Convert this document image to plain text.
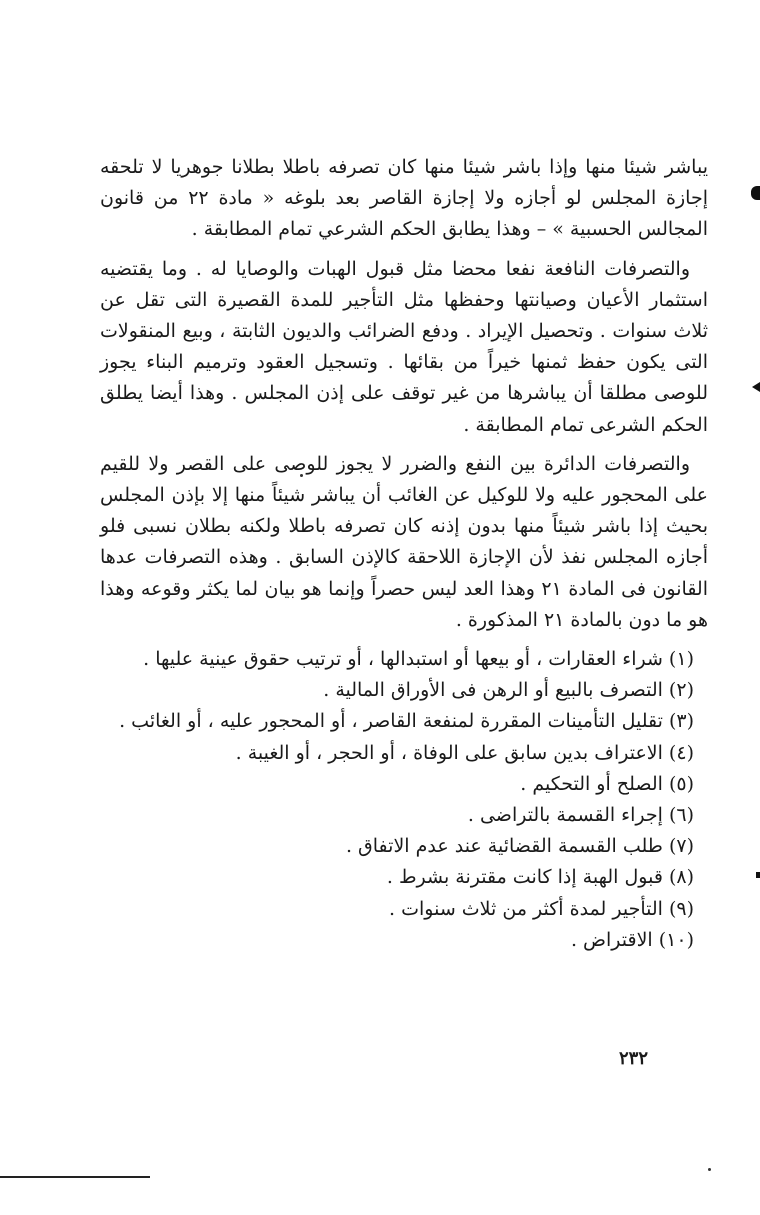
يباشر شيئا منها وإذا باشر شيئا منها كان تصرفه باطلا بطلانا جوهريا لا تلحقه إجازة المجلس لو أجازه ولا إجازة القاصر بعد بلوغه « مادة ٢٢ من قانون المجالس الحسبية » – وهذا يطابق الحكم الشرعي تمام المطابقة .

والتصرفات النافعة نفعا محضا مثل قبول الهبات والوصايا له . وما يقتضيه استثمار الأعيان وصيانتها وحفظها مثل التأجير للمدة القصيرة التى تقل عن ثلاث سنوات . وتحصيل الإيراد . ودفع الضرائب والديون الثابتة ، وبيع المنقولات التى يكون حفظ ثمنها خيراً من بقائها . وتسجيل العقود وترميم البناء يجوز للوصى مطلقا أن يباشرها من غير توقف على إذن المجلس . وهذا أيضا يطلق الحكم الشرعى تمام المطابقة .

والتصرفات الدائرة بين النفع والضرر لا يجوز للوصى على القصر ولا للقيم على المحجور عليه ولا للوكيل عن الغائب أن يباشر شيئاً منها إلا بإذن المجلس بحيث إذا باشر شيئاً منها بدون إذنه كان تصرفه باطلا ولكنه بطلان نسبى فلو أجازه المجلس نفذ لأن الإجازة اللاحقة كالإذن السابق . وهذه التصرفات عدها القانون فى المادة ٢١ وهذا العد ليس حصراً وإنما هو بيان لما يكثر وقوعه وهذا هو ما دون بالمادة ٢١ المذكورة .

(١) شراء العقارات ، أو بيعها أو استبدالها ، أو ترتيب حقوق عينية عليها .
(٢) التصرف بالبيع أو الرهن فى الأوراق المالية .
(٣) تقليل التأمينات المقررة لمنفعة القاصر ، أو المحجور عليه ، أو الغائب .
(٤) الاعتراف بدين سابق على الوفاة ، أو الحجر ، أو الغيبة .
(٥) الصلح أو التحكيم .
(٦) إجراء القسمة بالتراضى .
(٧) طلب القسمة القضائية عند عدم الاتفاق .
(٨) قبول الهبة إذا كانت مقترنة بشرط .
(٩) التأجير لمدة أكثر من ثلاث سنوات .
(١٠) الاقتراض .
٢٣٢
